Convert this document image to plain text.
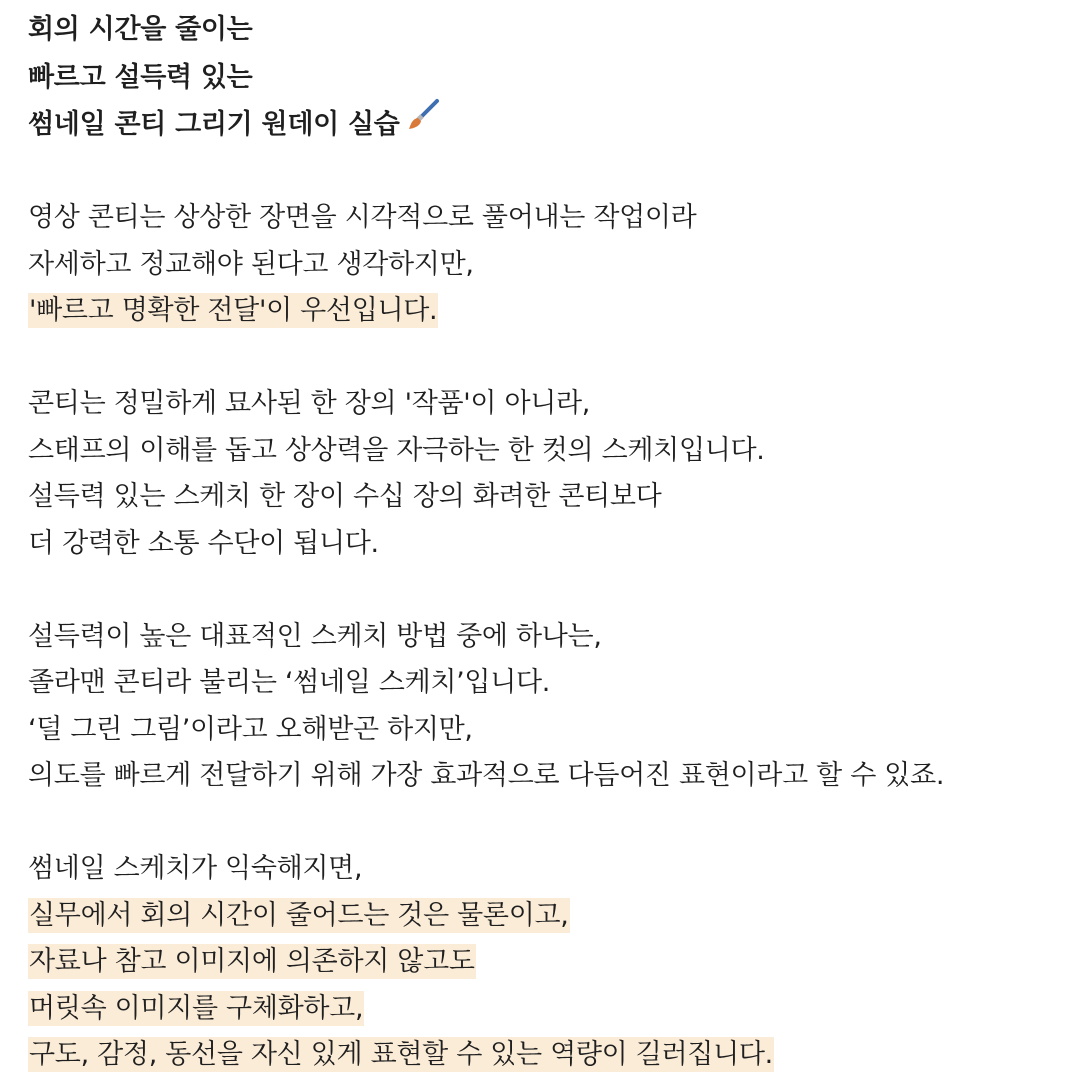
회의 시간을 줄이는
빠르고 설득력 있는
썸네일 콘티 그리기 원데이 실습
영상 콘티는 상상한 장면을 시각적으로 풀어내는 작업이라
자세하고 정교해야 된다고 생각하지만,
'빠르고 명확한 전달'이 우선입니다.
콘티는 정밀하게 묘사된 한 장의 '작품'이 아니라,
스태프의 이해를 돕고 상상력을 자극하는 한 컷의 스케치입니다.
설득력 있는 스케치 한 장이 수십 장의 화려한 콘티보다
더 강력한 소통 수단이 됩니다.
설득력이 높은 대표적인 스케치 방법 중에 하나는,
졸라맨 콘티라 불리는 ‘썸네일 스케치’입니다.
‘덜 그린 그림’이라고 오해받곤 하지만,
의도를 빠르게 전달하기 위해 가장 효과적으로 다듬어진 표현이라고 할 수 있죠.
썸네일 스케치가 익숙해지면,
실무에서 회의 시간이 줄어드는 것은 물론이고,
자료나 참고 이미지에 의존하지 않고도
머릿속 이미지를 구체화하고,
구도, 감정, 동선을 자신 있게 표현할 수 있는 역량이 길러집니다.
